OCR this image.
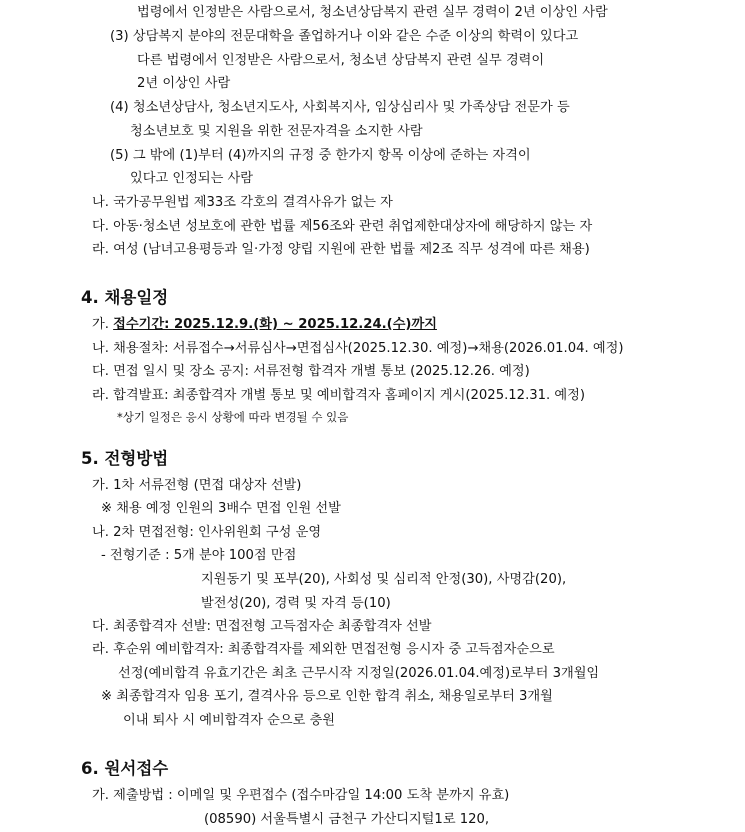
법령에서 인정받은 사람으로서, 청소년상담복지 관련 실무 경력이 2년 이상인 사람
(3) 상담복지 분야의 전문대학을 졸업하거나 이와 같은 수준 이상의 학력이 있다고
다른 법령에서 인정받은 사람으로서, 청소년 상담복지 관련 실무 경력이
2년 이상인 사람
(4) 청소년상담사, 청소년지도사, 사회복지사, 임상심리사 및 가족상담 전문가 등
청소년보호 및 지원을 위한 전문자격을 소지한 사람
(5) 그 밖에 (1)부터 (4)까지의 규정 중 한가지 항목 이상에 준하는 자격이
있다고 인정되는 사람
나. 국가공무원법 제33조 각호의 결격사유가 없는 자
다. 아동·청소년 성보호에 관한 법률 제56조와 관련 취업제한대상자에 해당하지 않는 자
라. 여성 (남녀고용평등과 일·가정 양립 지원에 관한 법률 제2조 직무 성격에 따른 채용)
4. 채용일정
가. 접수기간: 2025.12.9.(화) ~ 2025.12.24.(수)까지
나. 채용절차: 서류접수→서류심사→면접심사(2025.12.30. 예정)→채용(2026.01.04. 예정)
다. 면접 일시 및 장소 공지: 서류전형 합격자 개별 통보 (2025.12.26. 예정)
라. 합격발표: 최종합격자 개별 통보 및 예비합격자 홈페이지 게시(2025.12.31. 예정)
*상기 일정은 응시 상황에 따라 변경될 수 있음
5. 전형방법
가. 1차 서류전형 (면접 대상자 선발)
※ 채용 예정 인원의 3배수 면접 인원 선발
나. 2차 면접전형: 인사위원회 구성 운영
- 전형기준 : 5개 분야 100점 만점
지원동기 및 포부(20), 사회성 및 심리적 안정(30), 사명감(20),
발전성(20), 경력 및 자격 등(10)
다. 최종합격자 선발: 면접전형 고득점자순 최종합격자 선발
라. 후순위 예비합격자: 최종합격자를 제외한 면접전형 응시자 중 고득점자순으로
선정(예비합격 유효기간은 최초 근무시작 지정일(2026.01.04.예정)로부터 3개월임
※ 최종합격자 임용 포기, 결격사유 등으로 인한 합격 취소, 채용일로부터 3개월
이내 퇴사 시 예비합격자 순으로 충원
6. 원서접수
가. 제출방법 : 이메일 및 우편접수 (접수마감일 14:00 도착 분까지 유효)
(08590) 서울특별시 금천구 가산디지털1로 120,
